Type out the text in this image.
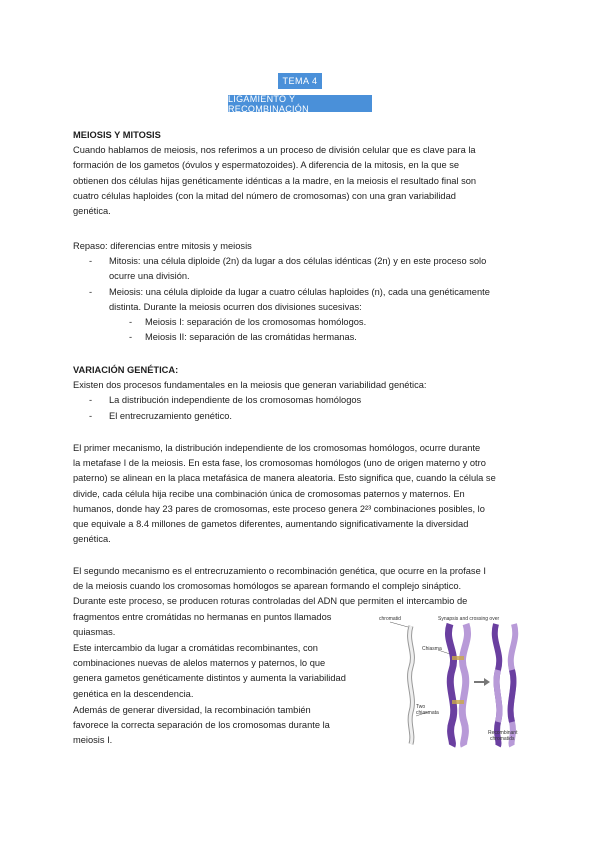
TEMA 4
LIGAMIENTO Y RECOMBINACIÓN
MEIOSIS Y MITOSIS
Cuando hablamos de meiosis, nos referimos a un proceso de división celular que es clave para la
formación de los gametos (óvulos y espermatozoides). A diferencia de la mitosis, en la que se
obtienen dos células hijas genéticamente idénticas a la madre, en la meiosis el resultado final son
cuatro células haploides (con la mitad del número de cromosomas) con una gran variabilidad
genética.
Repaso: diferencias entre mitosis y meiosis
- Mitosis: una célula diploide (2n) da lugar a dos células idénticas (2n) y en este proceso solo
ocurre una división.
- Meiosis: una célula diploide da lugar a cuatro células haploides (n), cada una genéticamente
distinta. Durante la meiosis ocurren dos divisiones sucesivas:
- Meiosis I: separación de los cromosomas homólogos.
- Meiosis II: separación de las cromátidas hermanas.
VARIACIÓN GENÉTICA:
Existen dos procesos fundamentales en la meiosis que generan variabilidad genética:
- La distribución independiente de los cromosomas homólogos
- El entrecruzamiento genético.
El primer mecanismo, la distribución independiente de los cromosomas homólogos, ocurre durante
la metafase I de la meiosis. En esta fase, los cromosomas homólogos (uno de origen materno y otro
paterno) se alinean en la placa metafásica de manera aleatoria. Esto significa que, cuando la célula se
divide, cada célula hija recibe una combinación única de cromosomas paternos y maternos. En
humanos, donde hay 23 pares de cromosomas, este proceso genera 2²³ combinaciones posibles, lo
que equivale a 8.4 millones de gametos diferentes, aumentando significativamente la diversidad
genética.
El segundo mecanismo es el entrecruzamiento o recombinación genética, que ocurre en la profase I
de la meiosis cuando los cromosomas homólogos se aparean formando el complejo sináptico.
Durante este proceso, se producen roturas controladas del ADN que permiten el intercambio de
fragmentos entre cromátidas no hermanas en puntos llamados
quiasmas.
Este intercambio da lugar a cromátidas recombinantes, con
combinaciones nuevas de alelos maternos y paternos, lo que
genera gametos genéticamente distintos y aumenta la variabilidad
genética en la descendencia.
Además de generar diversidad, la recombinación también
favorece la correcta separación de los cromosomas durante la
meiosis I.
chromatid	Synapsis and crossing over
Chiasma
Two
chiasmata
Recombinant
chromatids
